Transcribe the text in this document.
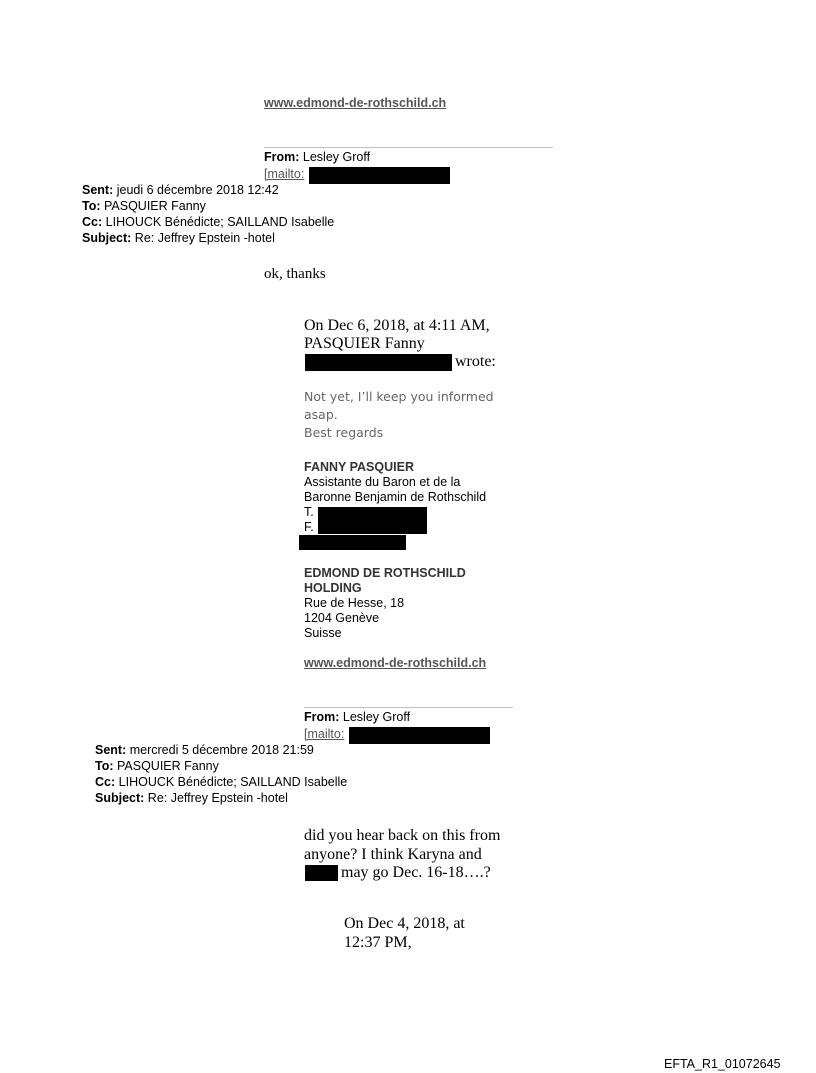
www.edmond-de-rothschild.ch
From: Lesley Groff
[mailto:
Sent: jeudi 6 décembre 2018 12:42
To: PASQUIER Fanny
Cc: LIHOUCK Bénédicte; SAILLAND Isabelle
Subject: Re: Jeffrey Epstein -hotel
ok, thanks
On Dec 6, 2018, at 4:11 AM,
PASQUIER Fanny
wrote:
Not yet, I’ll keep you informed
asap.
Best regards
FANNY PASQUIER
Assistante du Baron et de la
Baronne Benjamin de Rothschild
T.
F.
EDMOND DE ROTHSCHILD
HOLDING
Rue de Hesse, 18
1204 Genève
Suisse
www.edmond-de-rothschild.ch
From: Lesley Groff
[mailto:
Sent: mercredi 5 décembre 2018 21:59
To: PASQUIER Fanny
Cc: LIHOUCK Bénédicte; SAILLAND Isabelle
Subject: Re: Jeffrey Epstein -hotel
did you hear back on this from
anyone? I think Karyna and
may go Dec. 16-18….?
On Dec 4, 2018, at
12:37 PM,
EFTA_R1_01072645
